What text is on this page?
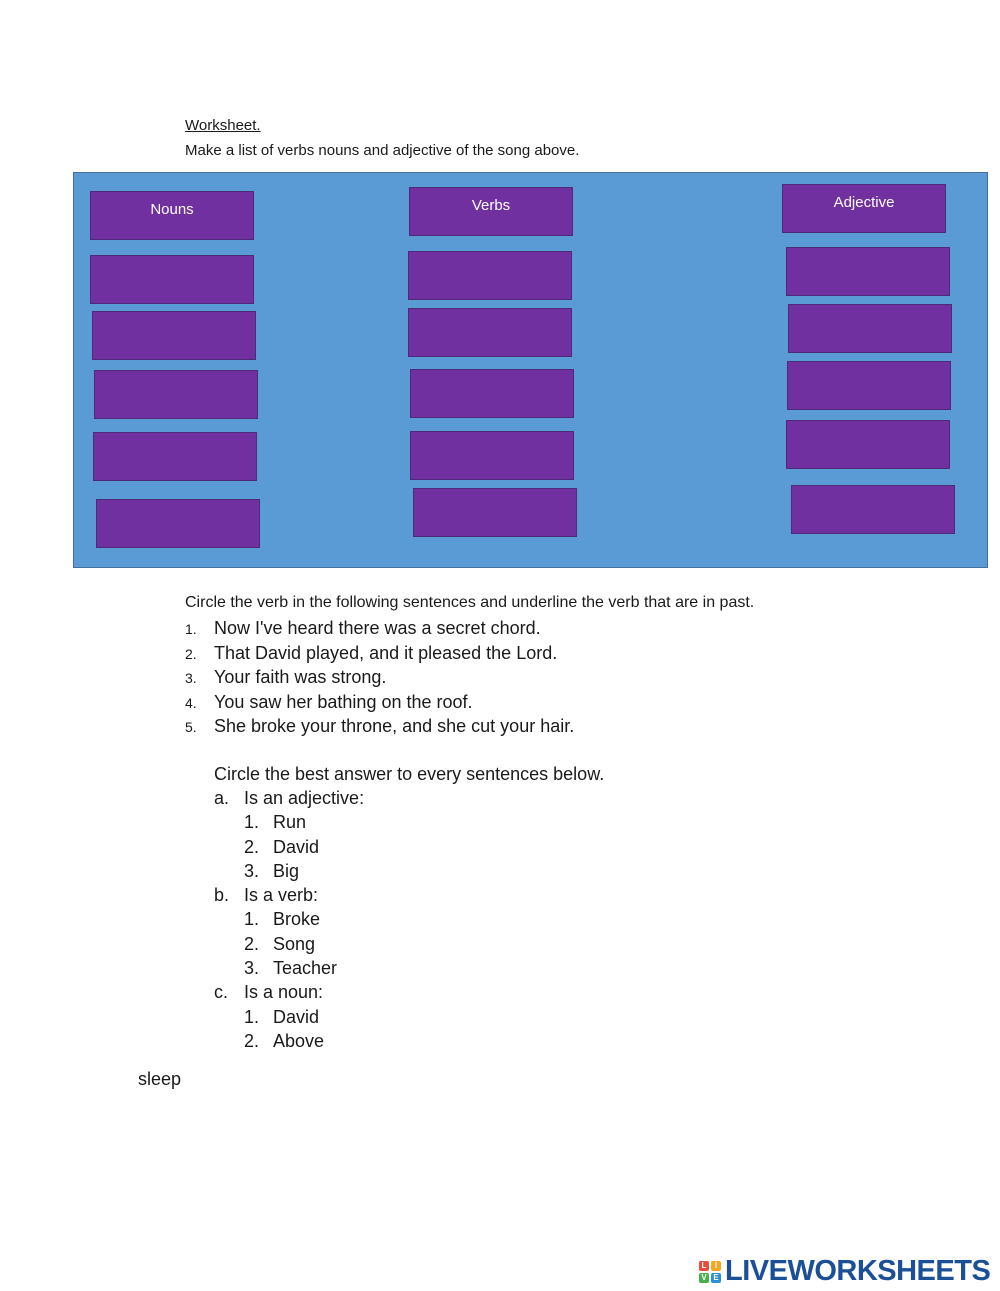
Worksheet.
Make a list of verbs nouns and adjective of the song above.
Nouns	Verbs	Adjective
Circle the verb in the following sentences and underline the verb that are in past.
1. Now I've heard there was a secret chord.
2. That David played, and it pleased the Lord.
3. Your faith was strong.
4. You saw her bathing on the roof.
5. She broke your throne, and she cut your hair.
Circle the best answer to every sentences below.
a. Is an adjective:
1. Run
2. David
3. Big
b. Is a verb:
1. Broke
2. Song
3. Teacher
c. Is a noun:
1. David
2. Above
sleep
L	I
V E LIVEWORKSHEETS
